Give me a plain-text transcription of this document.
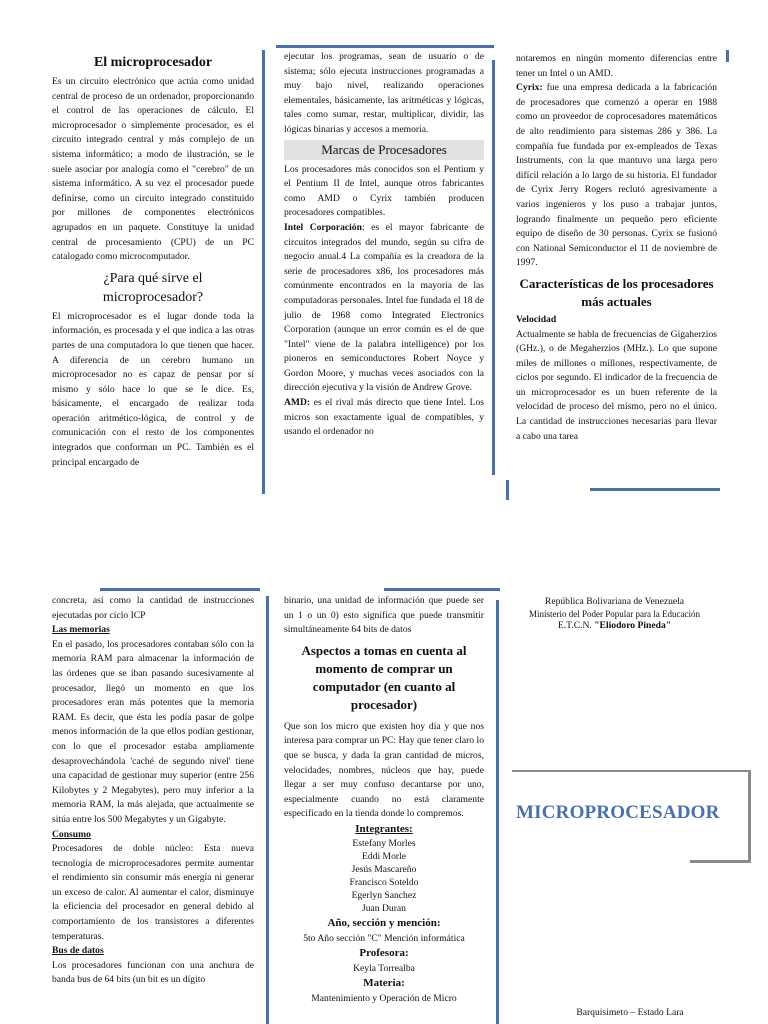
El microprocesador

Es un circuito electrónico que actúa como unidad central de proceso de un ordenador, proporcionando el control de las operaciones de cálculo. El microprocesador o simplemente procesador, es el circuito integrado central y más complejo de un sistema informático; a modo de ilustración, se le suele asociar por analogía como el "cerebro" de un sistema informático. A su vez el procesador puede definirse, como un circuito integrado constituido por millones de componentes electrónicos agrupados en un paquete. Constituye la unidad central de procesamiento (CPU) de un PC catalogado como microcomputador.

¿Para qué sirve el microprocesador?

El microprocesador es el lugar donde toda la información, es procesada y el que indica a las otras partes de una computadora lo que tienen que hacer. A diferencia de un cerebro humano un microprocesador no es capaz de pensar por sí mismo y sólo hace lo que se le dice. Es, básicamente, el encargado de realizar toda operación aritmético-lógica, de control y de comunicación con el resto de los componentes integrados que conforman un PC. También es el principal encargado de

ejecutar los programas, sean de usuario o de sistema; sólo ejecuta instrucciones programadas a muy bajo nivel, realizando operaciones elementales, básicamente, las aritméticas y lógicas, tales como sumar, restar, multiplicar, dividir, las lógicas binarias y accesos a memoria.

Marcas de Procesadores

Los procesadores más conocidos son el Pentium y el Pentium II de Intel, aunque otros fabricantes como AMD o Cyrix también producen procesadores compatibles.

Intel Corporación: es el mayor fabricante de circuitos integrados del mundo, según su cifra de negocio anual.4 La compañía es la creadora de la serie de procesadores x86, los procesadores más comúnmente encontrados en la mayoría de las computadoras personales. Intel fue fundada el 18 de julio de 1968 como Integrated Electronics Corporation (aunque un error común es el de que "Intel" viene de la palabra intelligence) por los pioneros en semiconductores Robert Noyce y Gordon Moore, y muchas veces asociados con la dirección ejecutiva y la visión de Andrew Grove.

AMD: es el rival más directo que tiene Intel. Los micros son exactamente igual de compatibles, y usando el ordenador no

notaremos en ningún momento diferencias entre tener un Intel o un AMD.

Cyrix: fue una empresa dedicada a la fabricación de procesadores que comenzó a operar en 1988 como un proveedor de coprocesadores matemáticos de alto rendimiento para sistemas 286 y 386. La compañía fue fundada por ex-empleados de Texas Instruments, con la que mantuvo una larga pero difícil relación a lo largo de su historia. El fundador de Cyrix Jerry Rogers reclutó agresivamente a varios ingenieros y los puso a trabajar juntos, logrando finalmente un pequeño pero eficiente equipo de diseño de 30 personas. Cyrix se fusionó con National Semiconductor el 11 de noviembre de 1997.

Características de los procesadores más actuales

Velocidad

Actualmente se habla de frecuencias de Gigaherzios (GHz.), o de Megaherzios (MHz.). Lo que supone miles de millones o millones, respectivamente, de ciclos por segundo. El indicador de la frecuencia de un microprocesador es un buen referente de la velocidad de proceso del mismo, pero no el único. La cantidad de instrucciones necesarias para llevar a cabo una tarea

concreta, así como la cantidad de instrucciones ejecutadas por ciclo ICP

Las memorias

En el pasado, los procesadores contaban sólo con la memoria RAM para almacenar la información de las órdenes que se iban pasando sucesivamente al procesador, llegó un momento en que los procesadores eran más potentes que la memoria RAM. Es decir, que ésta les podía pasar de golpe menos información de la que ellos podían gestionar, con lo que el procesador estaba ampliamente desaprovechándola 'caché de segundo nivel' tiene una capacidad de gestionar muy superior (entre 256 Kilobytes y 2 Megabytes), pero muy inferior a la memoria RAM, la más alejada, que actualmente se sitúa entre los 500 Megabytes y un Gigabyte.

Consumo

Procesadores de doble núcleo: Esta nueva tecnología de microprocesadores permite aumentar el rendimiento sin consumir más energía ni generar un exceso de calor. Al aumentar el calor, disminuye la eficiencia del procesador en general debido al comportamiento de los transistores a diferentes temperaturas.

Bus de datos

Los procesadores funcionan con una anchura de banda bus de 64 bits (un bit es un dígito

binario, una unidad de información que puede ser un 1 o un 0) esto significa que puede transmitir simultáneamente 64 bits de datos

Aspectos a tomas en cuenta al momento de comprar un computador (en cuanto al procesador)

Que son los micro que existen hoy día y que nos interesa para comprar un PC: Hay que tener claro lo que se busca, y dada la gran cantidad de micros, velocidades, nombres, núcleos que hay, puede llegar a ser muy confuso decantarse por uno, especialmente cuando no está claramente especificado en la tienda donde lo compremos.

Integrantes:
Estefany Morles
Eddi Morle
Jesús Mascareño
Francisco Soteldo
Egerlyn Sanchez
Juan Duran
Año, sección y mención:
5to Año sección "C" Mención informática
Profesora:
Keyla Torrealba
Materia:
Mantenimiento y Operación de Micro
República Bolivariana de Venezuela
Ministerio del Poder Popular para la Educación
E.T.C.N. "Eliodoro Pineda"
MICROPROCESADOR
Barquisimeto – Estado Lara
